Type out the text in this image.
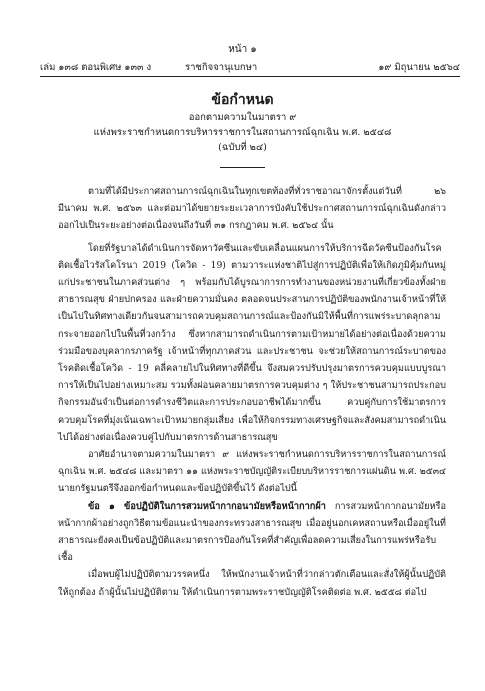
หน้า ๑
เล่ม ๑๓๘ ตอนพิเศษ ๑๓๓ ง	ราชกิจจานุเบกษา	๑๙ มิถุนายน ๒๕๖๔
ข้อกำหนด
ออกตามความในมาตรา ๙
แห่งพระราชกำหนดการบริหารราชการในสถานการณ์ฉุกเฉิน พ.ศ. ๒๕๔๘
(ฉบับที่ ๒๔)

ตามที่ได้มีประกาศสถานการณ์ฉุกเฉินในทุกเขตท้องที่ทั่วราชอาณาจักรตั้งแต่วันที่ ๒๖ มีนาคม พ.ศ. ๒๕๖๓ และต่อมาได้ขยายระยะเวลาการบังคับใช้ประกาศสถานการณ์ฉุกเฉินดังกล่าวออกไปเป็นระยะอย่างต่อเนื่องจนถึงวันที่ ๓๑ กรกฎาคม พ.ศ. ๒๕๖๔ นั้น

โดยที่รัฐบาลได้ดำเนินการจัดหาวัคซีนและขับเคลื่อนแผนการให้บริการฉีดวัคซีนป้องกันโรคติดเชื้อไวรัสโคโรนา 2019 (โควิด - 19) ตามวาระแห่งชาติไปสู่การปฏิบัติเพื่อให้เกิดภูมิคุ้มกันหมู่แก่ประชาชนในภาคส่วนต่าง ๆ พร้อมกับได้บูรณาการการทำงานของหน่วยงานที่เกี่ยวข้องทั้งฝ่ายสาธารณสุข ฝ่ายปกครอง และฝ่ายความมั่นคง ตลอดจนประสานการปฏิบัติของพนักงานเจ้าหน้าที่ให้เป็นไปในทิศทางเดียวกันจนสามารถควบคุมสถานการณ์และป้องกันมิให้พื้นที่การแพร่ระบาดลุกลามกระจายออกไปในพื้นที่วงกว้าง ซึ่งหากสามารถดำเนินการตามเป้าหมายได้อย่างต่อเนื่องด้วยความร่วมมือของบุคลากรภาครัฐ เจ้าหน้าที่ทุกภาคส่วน และประชาชน จะช่วยให้สถานการณ์ระบาดของโรคติดเชื้อโควิด - 19 คลี่คลายไปในทิศทางที่ดีขึ้น จึงสมควรปรับปรุงมาตรการควบคุมแบบบูรณาการให้เป็นไปอย่างเหมาะสม รวมทั้งผ่อนคลายมาตรการควบคุมต่าง ๆ ให้ประชาชนสามารถประกอบกิจกรรมอันจำเป็นต่อการดำรงชีวิตและการประกอบอาชีพได้มากขึ้น ควบคู่กับการใช้มาตรการควบคุมโรคที่มุ่งเน้นเฉพาะเป้าหมายกลุ่มเสี่ยง เพื่อให้กิจกรรมทางเศรษฐกิจและสังคมสามารถดำเนินไปได้อย่างต่อเนื่องควบคู่ไปกับมาตรการด้านสาธารณสุข

อาศัยอำนาจตามความในมาตรา ๙ แห่งพระราชกำหนดการบริหารราชการในสถานการณ์ฉุกเฉิน พ.ศ. ๒๕๔๘ และมาตรา ๑๑ แห่งพระราชบัญญัติระเบียบบริหารราชการแผ่นดิน พ.ศ. ๒๕๓๔ นายกรัฐมนตรีจึงออกข้อกำหนดและข้อปฏิบัติขึ้นไว้ ดังต่อไปนี้

ข้อ ๑ ข้อปฏิบัติในการสวมหน้ากากอนามัยหรือหน้ากากผ้า การสวมหน้ากากอนามัยหรือหน้ากากผ้าอย่างถูกวิธีตามข้อแนะนำของกระทรวงสาธารณสุข เมื่ออยู่นอกเคหสถานหรือเมื่ออยู่ในที่สาธารณะยังคงเป็นข้อปฏิบัติและมาตรการป้องกันโรคที่สำคัญเพื่อลดความเสี่ยงในการแพร่หรือรับเชื้อ

เมื่อพบผู้ไม่ปฏิบัติตามวรรคหนึ่ง ให้พนักงานเจ้าหน้าที่ว่ากล่าวตักเตือนและสั่งให้ผู้นั้นปฏิบัติให้ถูกต้อง ถ้าผู้นั้นไม่ปฏิบัติตาม ให้ดำเนินการตามพระราชบัญญัติโรคติดต่อ พ.ศ. ๒๕๕๘ ต่อไป
